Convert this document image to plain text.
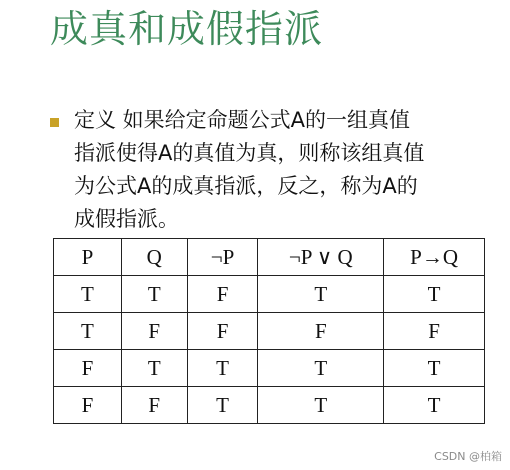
成真和成假指派

定义 如果给定命题公式A的一组真值
指派使得A的真值为真，则称该组真值
为公式A的成真指派，反之，称为A的
成假指派。

P	Q	¬P	¬P ∨ Q	P→Q
T	T	F	T	T
T	F	F	F	F
F	T	T	T	T
F	F	T	T	T
CSDN @柏箱
